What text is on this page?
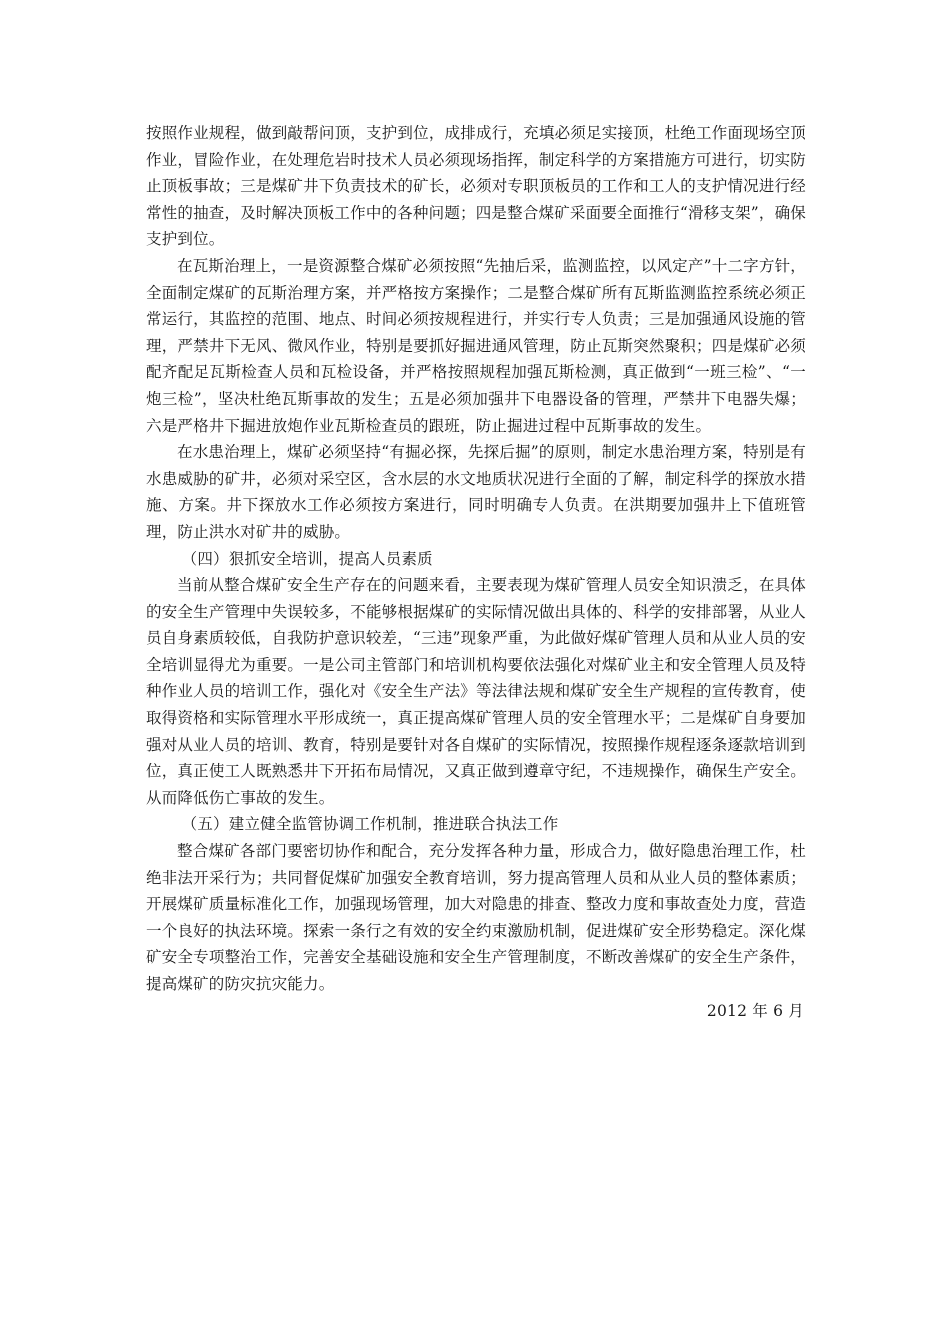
按照作业规程，做到敲帮问顶，支护到位，成排成行，充填必须足实接顶，杜绝工作面现场空顶作业，冒险作业，在处理危岩时技术人员必须现场指挥，制定科学的方案措施方可进行，切实防止顶板事故；三是煤矿井下负责技术的矿长，必须对专职顶板员的工作和工人的支护情况进行经常性的抽查，及时解决顶板工作中的各种问题；四是整合煤矿采面要全面推行“滑移支架”，确保支护到位。

在瓦斯治理上，一是资源整合煤矿必须按照“先抽后采，监测监控，以风定产”十二字方针，全面制定煤矿的瓦斯治理方案，并严格按方案操作；二是整合煤矿所有瓦斯监测监控系统必须正常运行，其监控的范围、地点、时间必须按规程进行，并实行专人负责；三是加强通风设施的管理，严禁井下无风、微风作业，特别是要抓好掘进通风管理，防止瓦斯突然聚积；四是煤矿必须配齐配足瓦斯检查人员和瓦检设备，并严格按照规程加强瓦斯检测，真正做到“一班三检”、“一炮三检”，坚决杜绝瓦斯事故的发生；五是必须加强井下电器设备的管理，严禁井下电器失爆；六是严格井下掘进放炮作业瓦斯检查员的跟班，防止掘进过程中瓦斯事故的发生。

在水患治理上，煤矿必须坚持“有掘必探，先探后掘”的原则，制定水患治理方案，特别是有水患威胁的矿井，必须对采空区，含水层的水文地质状况进行全面的了解，制定科学的探放水措施、方案。井下探放水工作必须按方案进行，同时明确专人负责。在洪期要加强井上下值班管理，防止洪水对矿井的威胁。

（四）狠抓安全培训，提高人员素质

当前从整合煤矿安全生产存在的问题来看，主要表现为煤矿管理人员安全知识溃乏，在具体的安全生产管理中失误较多，不能够根据煤矿的实际情况做出具体的、科学的安排部署，从业人员自身素质较低，自我防护意识较差，“三违”现象严重，为此做好煤矿管理人员和从业人员的安全培训显得尤为重要。一是公司主管部门和培训机构要依法强化对煤矿业主和安全管理人员及特种作业人员的培训工作，强化对《安全生产法》等法律法规和煤矿安全生产规程的宣传教育，使取得资格和实际管理水平形成统一，真正提高煤矿管理人员的安全管理水平；二是煤矿自身要加强对从业人员的培训、教育，特别是要针对各自煤矿的实际情况，按照操作规程逐条逐款培训到位，真正使工人既熟悉井下开拓布局情况，又真正做到遵章守纪，不违规操作，确保生产安全。从而降低伤亡事故的发生。

（五）建立健全监管协调工作机制，推进联合执法工作

整合煤矿各部门要密切协作和配合，充分发挥各种力量，形成合力，做好隐患治理工作，杜绝非法开采行为；共同督促煤矿加强安全教育培训，努力提高管理人员和从业人员的整体素质；开展煤矿质量标准化工作，加强现场管理，加大对隐患的排查、整改力度和事故查处力度，营造一个良好的执法环境。探索一条行之有效的安全约束激励机制，促进煤矿安全形势稳定。深化煤矿安全专项整治工作，完善安全基础设施和安全生产管理制度，不断改善煤矿的安全生产条件，提高煤矿的防灾抗灾能力。

2012 年 6 月
